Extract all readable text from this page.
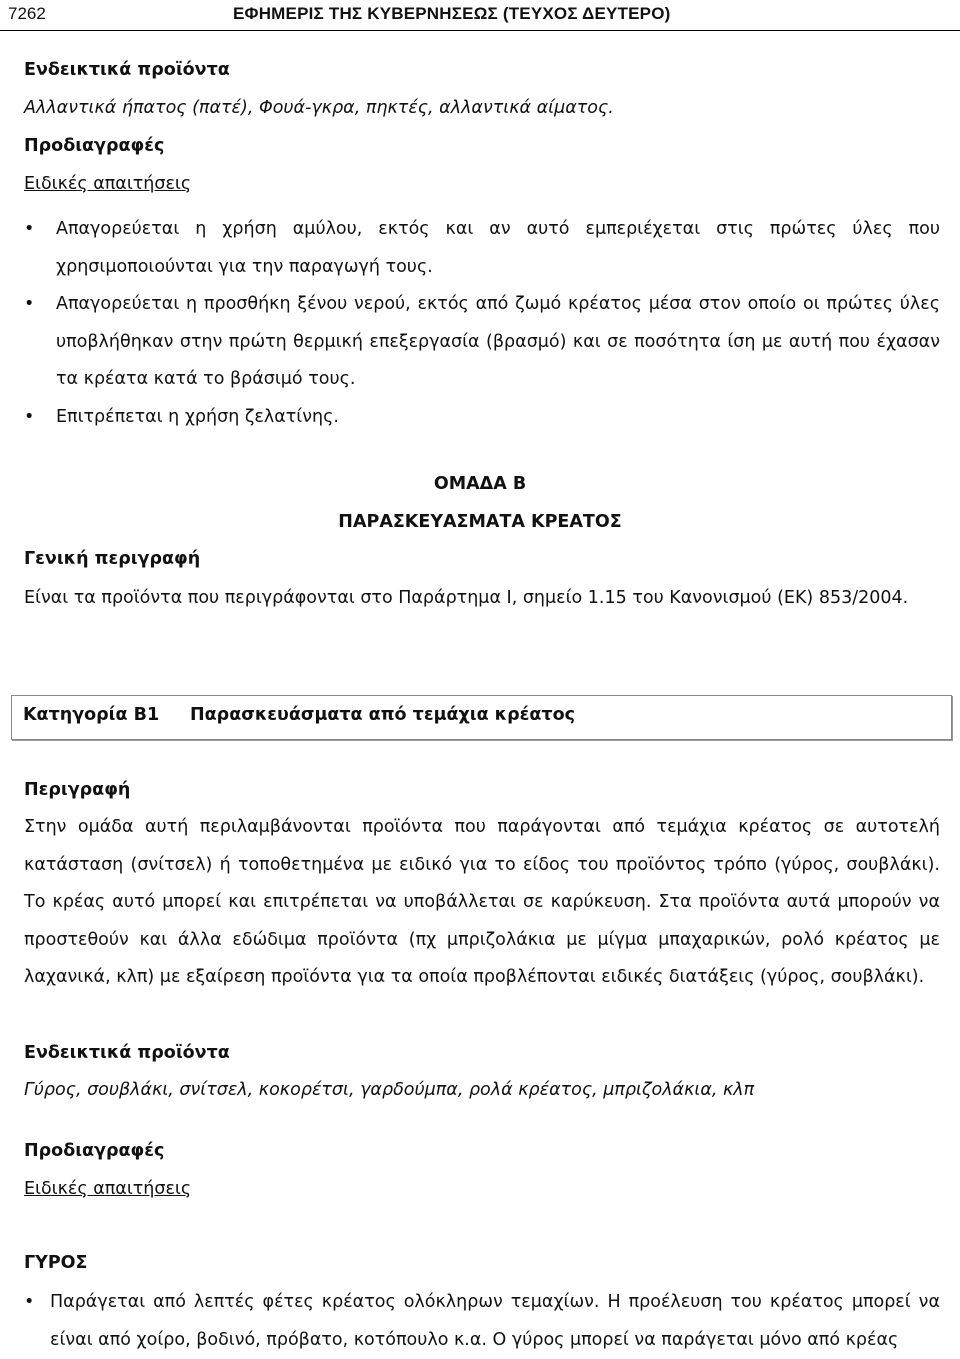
7262	ΕΦΗΜΕΡΙΣ ΤΗΣ ΚΥΒΕΡΝΗΣΕΩΣ (ΤΕΥΧΟΣ ΔΕΥΤΕΡΟ)
Ενδεικτικά προϊόντα
Αλλαντικά ήπατος (πατέ), Φουά-γκρα, πηκτές, αλλαντικά αίματος.
Προδιαγραφές
Ειδικές απαιτήσεις
•	Απαγορεύεται η χρήση αμύλου, εκτός και αν αυτό εμπεριέχεται στις πρώτες ύλες που χρησιμοποιούνται για την παραγωγή τους.
•	Απαγορεύεται η προσθήκη ξένου νερού, εκτός από ζωμό κρέατος μέσα στον οποίο οι πρώτες ύλες υποβλήθηκαν στην πρώτη θερμική επεξεργασία (βρασμό) και σε ποσότητα ίση με αυτή που έχασαν τα κρέατα κατά το βράσιμό τους.
•	Επιτρέπεται η χρήση ζελατίνης.
ΟΜΑΔΑ Β
ΠΑΡΑΣΚΕΥΑΣΜΑΤΑ ΚΡΕΑΤΟΣ
Γενική περιγραφή
Είναι τα προϊόντα που περιγράφονται στο Παράρτημα Ι, σημείο 1.15 του Κανονισμού (ΕΚ) 853/2004.
Κατηγορία Β1 Παρασκευάσματα από τεμάχια κρέατος
Περιγραφή
Στην ομάδα αυτή περιλαμβάνονται προϊόντα που παράγονται από τεμάχια κρέατος σε αυτοτελή κατάσταση (σνίτσελ) ή τοποθετημένα με ειδικό για το είδος του προϊόντος τρόπο (γύρος, σουβλάκι). Το κρέας αυτό μπορεί και επιτρέπεται να υποβάλλεται σε καρύκευση. Στα προϊόντα αυτά μπορούν να προστεθούν και άλλα εδώδιμα προϊόντα (πχ μπριζολάκια με μίγμα μπαχαρικών, ρολό κρέατος με λαχανικά, κλπ) με εξαίρεση προϊόντα για τα οποία προβλέπονται ειδικές διατάξεις (γύρος, σουβλάκι).
Ενδεικτικά προϊόντα
Γύρος, σουβλάκι, σνίτσελ, κοκορέτσι, γαρδούμπα, ρολά κρέατος, μπριζολάκια, κλπ
Προδιαγραφές
Ειδικές απαιτήσεις
ΓΥΡΟΣ
• Παράγεται από λεπτές φέτες κρέατος ολόκληρων τεμαχίων. Η προέλευση του κρέατος μπορεί να είναι από χοίρο, βοδινό, πρόβατο, κοτόπουλο κ.α. Ο γύρος μπορεί να παράγεται μόνο από κρέας
